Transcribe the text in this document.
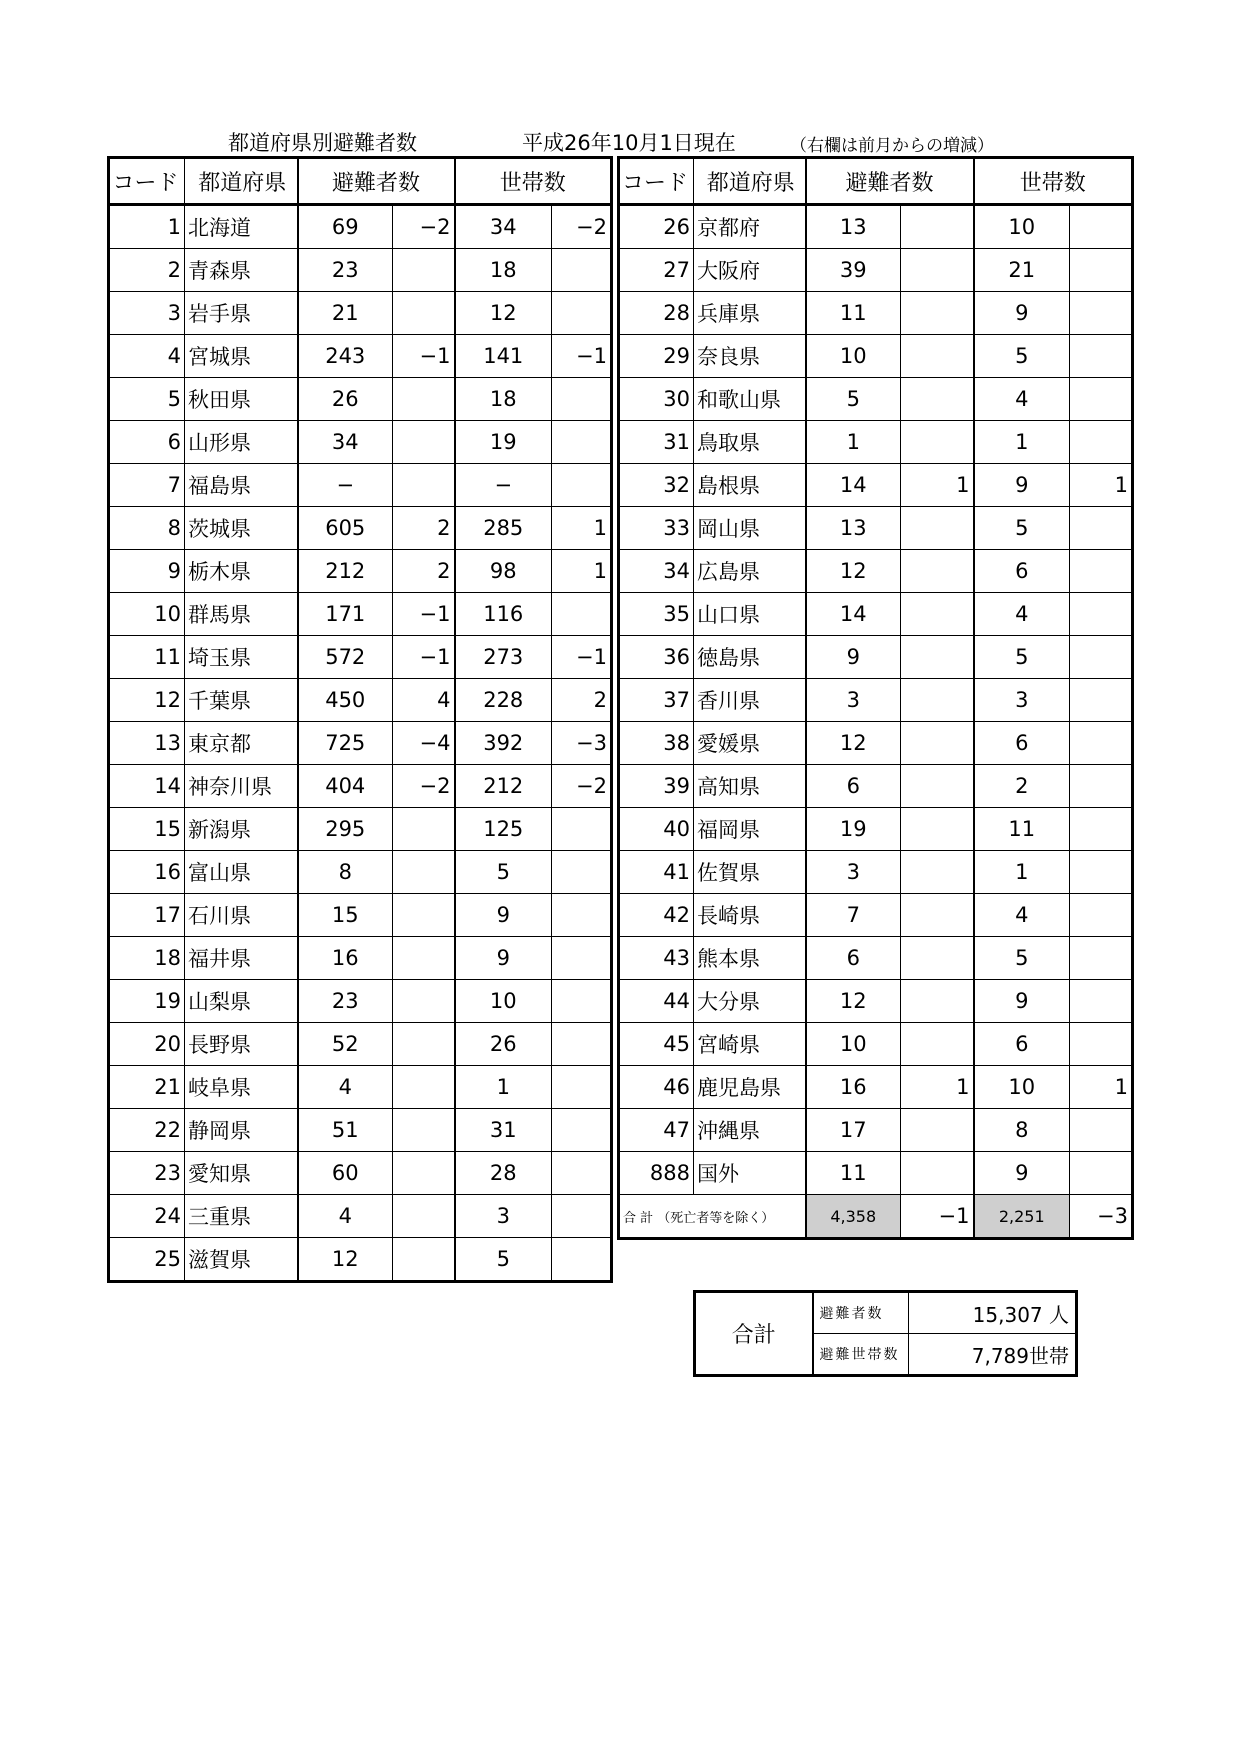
都道府県別避難者数	平成26年10月1日現在	（右欄は前月からの増減）
コード	都道府県	避難者数		世帯数	
1	北海道	69	−2	34	−2
2	青森県	23		18	
3	岩手県	21		12	
4	宮城県	243	−1	141	−1
5	秋田県	26		18	
6	山形県	34		19	
7	福島県	−		−	
8	茨城県	605	2	285	1
9	栃木県	212	2	98	1
10	群馬県	171	−1	116	
11	埼玉県	572	−1	273	−1
12	千葉県	450	4	228	2
13	東京都	725	−4	392	−3
14	神奈川県	404	−2	212	−2
15	新潟県	295		125	
16	富山県	8		5	
17	石川県	15		9	
18	福井県	16		9	
19	山梨県	23		10	
20	長野県	52		26	
21	岐阜県	4		1	
22	静岡県	51		31	
23	愛知県	60		28	
24	三重県	4		3	
25	滋賀県	12		5	
コード	都道府県	避難者数		世帯数	
26	京都府	13		10	
27	大阪府	39		21	
28	兵庫県	11		9	
29	奈良県	10		5	
30	和歌山県	5		4	
31	鳥取県	1		1	
32	島根県	14	1	9	1
33	岡山県	13		5	
34	広島県	12		6	
35	山口県	14		4	
36	徳島県	9		5	
37	香川県	3		3	
38	愛媛県	12		6	
39	高知県	6		2	
40	福岡県	19		11	
41	佐賀県	3		1	
42	長崎県	7		4	
43	熊本県	6		5	
44	大分県	12		9	
45	宮崎県	10		6	
46	鹿児島県	16	1	10	1
47	沖縄県	17		8	
888	国外	11		9	
合 計 （死亡者等を除く）		4,358	−1	2,251	−3
合計	避難者数	15,307 人
	避難世帯数	7,789世帯
